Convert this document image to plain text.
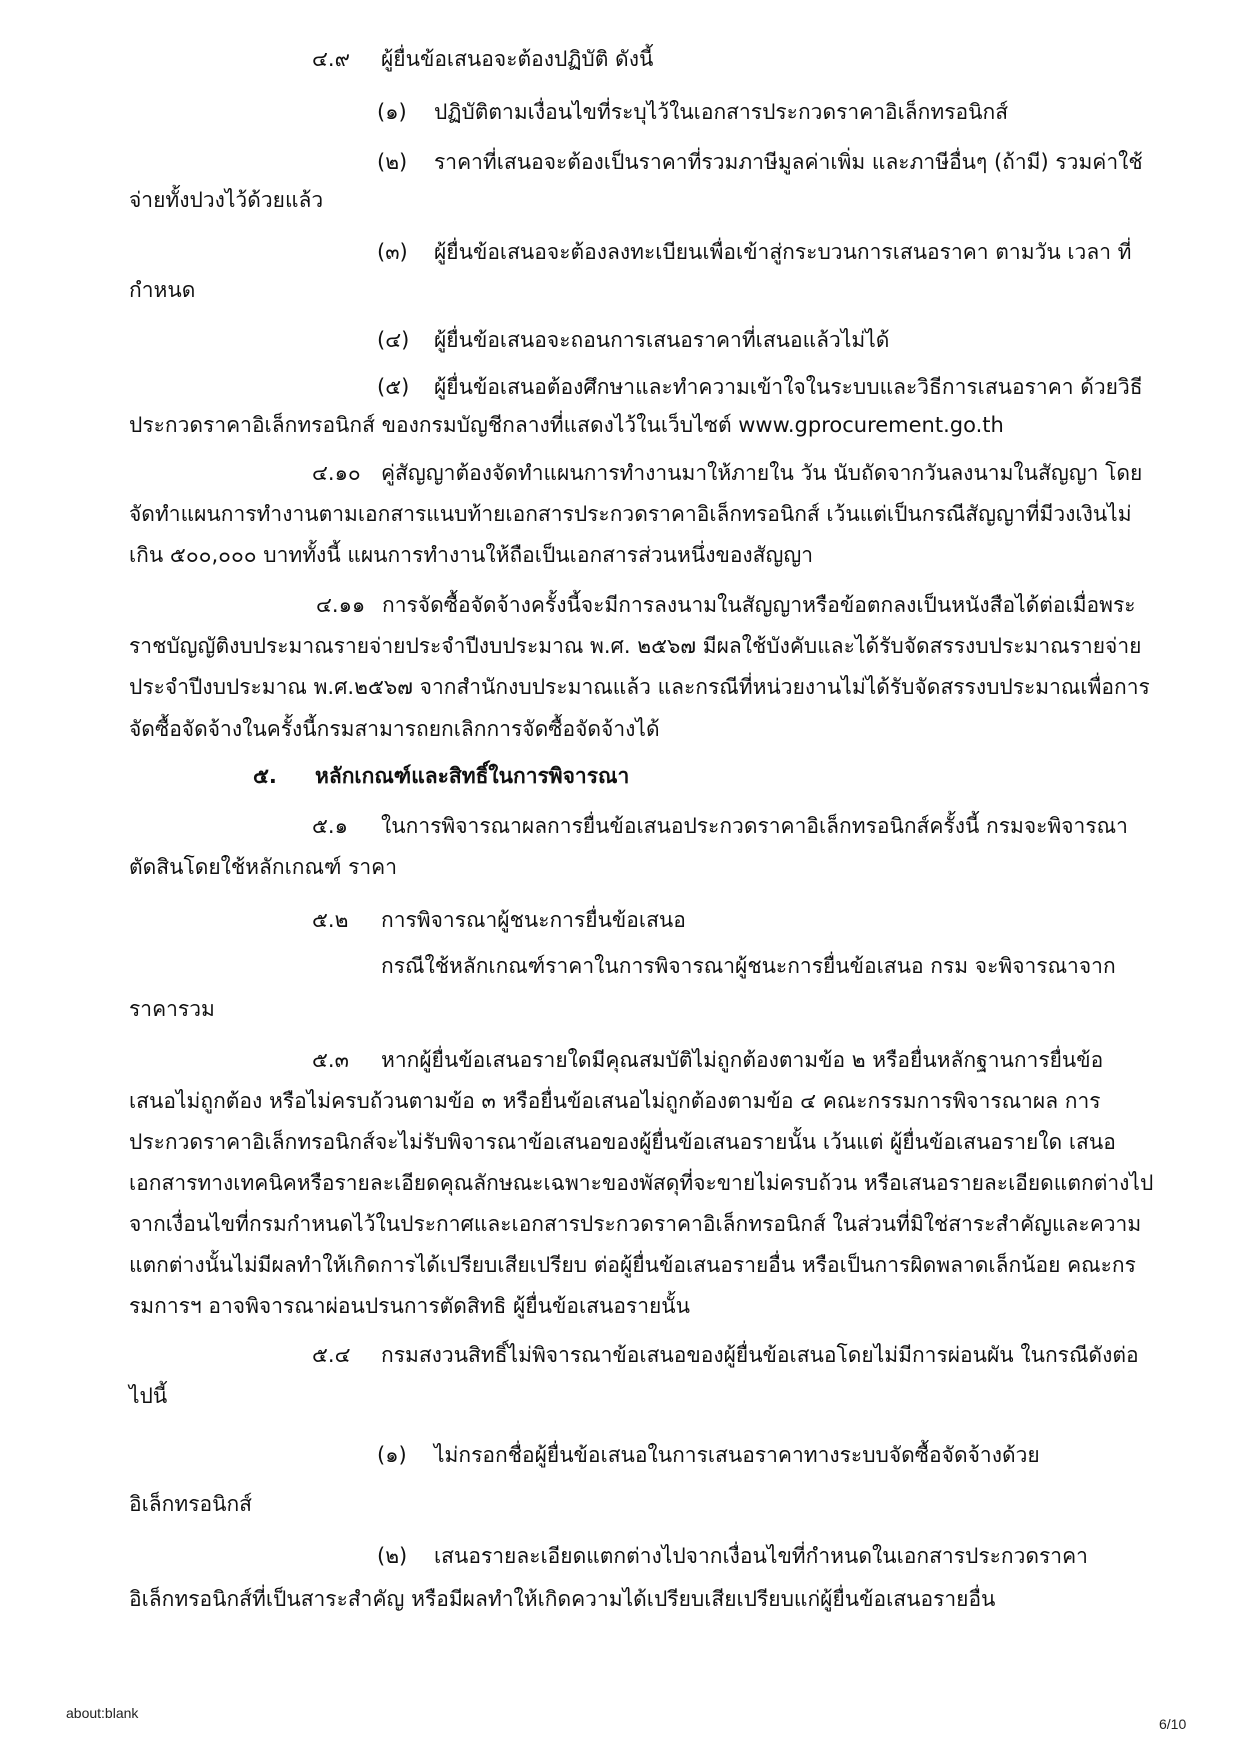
๔.๙ ผู้ยื่นข้อเสนอจะต้องปฏิบัติ ดังนี้
(๑) ปฏิบัติตามเงื่อนไขที่ระบุไว้ในเอกสารประกวดราคาอิเล็กทรอนิกส์
(๒) ราคาที่เสนอจะต้องเป็นราคาที่รวมภาษีมูลค่าเพิ่ม และภาษีอื่นๆ (ถ้ามี) รวมค่าใช้
จ่ายทั้งปวงไว้ด้วยแล้ว
(๓) ผู้ยื่นข้อเสนอจะต้องลงทะเบียนเพื่อเข้าสู่กระบวนการเสนอราคา ตามวัน เวลา ที่
กำหนด
(๔) ผู้ยื่นข้อเสนอจะถอนการเสนอราคาที่เสนอแล้วไม่ได้
(๕) ผู้ยื่นข้อเสนอต้องศึกษาและทำความเข้าใจในระบบและวิธีการเสนอราคา ด้วยวิธี
ประกวดราคาอิเล็กทรอนิกส์ ของกรมบัญชีกลางที่แสดงไว้ในเว็บไซต์ www.gprocurement.go.th
๔.๑๐ คู่สัญญาต้องจัดทำแผนการทำงานมาให้ภายใน วัน นับถัดจากวันลงนามในสัญญา โดย
จัดทำแผนการทำงานตามเอกสารแนบท้ายเอกสารประกวดราคาอิเล็กทรอนิกส์ เว้นแต่เป็นกรณีสัญญาที่มีวงเงินไม่
เกิน ๕๐๐,๐๐๐ บาททั้งนี้ แผนการทำงานให้ถือเป็นเอกสารส่วนหนึ่งของสัญญา
๔.๑๑ การจัดซื้อจัดจ้างครั้งนี้จะมีการลงนามในสัญญาหรือข้อตกลงเป็นหนังสือได้ต่อเมื่อพระ
ราชบัญญัติงบประมาณรายจ่ายประจำปีงบประมาณ พ.ศ. ๒๕๖๗ มีผลใช้บังคับและได้รับจัดสรรงบประมาณรายจ่าย
ประจำปีงบประมาณ พ.ศ.๒๕๖๗ จากสำนักงบประมาณแล้ว และกรณีที่หน่วยงานไม่ได้รับจัดสรรงบประมาณเพื่อการ
จัดซื้อจัดจ้างในครั้งนี้กรมสามารถยกเลิกการจัดซื้อจัดจ้างได้
๕. หลักเกณฑ์และสิทธิ์ในการพิจารณา
๕.๑ ในการพิจารณาผลการยื่นข้อเสนอประกวดราคาอิเล็กทรอนิกส์ครั้งนี้ กรมจะพิจารณา
ตัดสินโดยใช้หลักเกณฑ์ ราคา
๕.๒ การพิจารณาผู้ชนะการยื่นข้อเสนอ
กรณีใช้หลักเกณฑ์ราคาในการพิจารณาผู้ชนะการยื่นข้อเสนอ กรม จะพิจารณาจาก
ราคารวม
๕.๓ หากผู้ยื่นข้อเสนอรายใดมีคุณสมบัติไม่ถูกต้องตามข้อ ๒ หรือยื่นหลักฐานการยื่นข้อ
เสนอไม่ถูกต้อง หรือไม่ครบถ้วนตามข้อ ๓ หรือยื่นข้อเสนอไม่ถูกต้องตามข้อ ๔ คณะกรรมการพิจารณาผล การ
ประกวดราคาอิเล็กทรอนิกส์จะไม่รับพิจารณาข้อเสนอของผู้ยื่นข้อเสนอรายนั้น เว้นแต่ ผู้ยื่นข้อเสนอรายใด เสนอ
เอกสารทางเทคนิคหรือรายละเอียดคุณลักษณะเฉพาะของพัสดุที่จะขายไม่ครบถ้วน หรือเสนอรายละเอียดแตกต่างไป
จากเงื่อนไขที่กรมกำหนดไว้ในประกาศและเอกสารประกวดราคาอิเล็กทรอนิกส์ ในส่วนที่มิใช่สาระสำคัญและความ
แตกต่างนั้นไม่มีผลทำให้เกิดการได้เปรียบเสียเปรียบ ต่อผู้ยื่นข้อเสนอรายอื่น หรือเป็นการผิดพลาดเล็กน้อย คณะกร
รมการฯ อาจพิจารณาผ่อนปรนการตัดสิทธิ ผู้ยื่นข้อเสนอรายนั้น
๕.๔ กรมสงวนสิทธิ์ไม่พิจารณาข้อเสนอของผู้ยื่นข้อเสนอโดยไม่มีการผ่อนผัน ในกรณีดังต่อ
ไปนี้
(๑) ไม่กรอกชื่อผู้ยื่นข้อเสนอในการเสนอราคาทางระบบจัดซื้อจัดจ้างด้วย
อิเล็กทรอนิกส์
(๒) เสนอรายละเอียดแตกต่างไปจากเงื่อนไขที่กำหนดในเอกสารประกวดราคา
อิเล็กทรอนิกส์ที่เป็นสาระสำคัญ หรือมีผลทำให้เกิดความได้เปรียบเสียเปรียบแก่ผู้ยื่นข้อเสนอรายอื่น
about:blank
6/10
